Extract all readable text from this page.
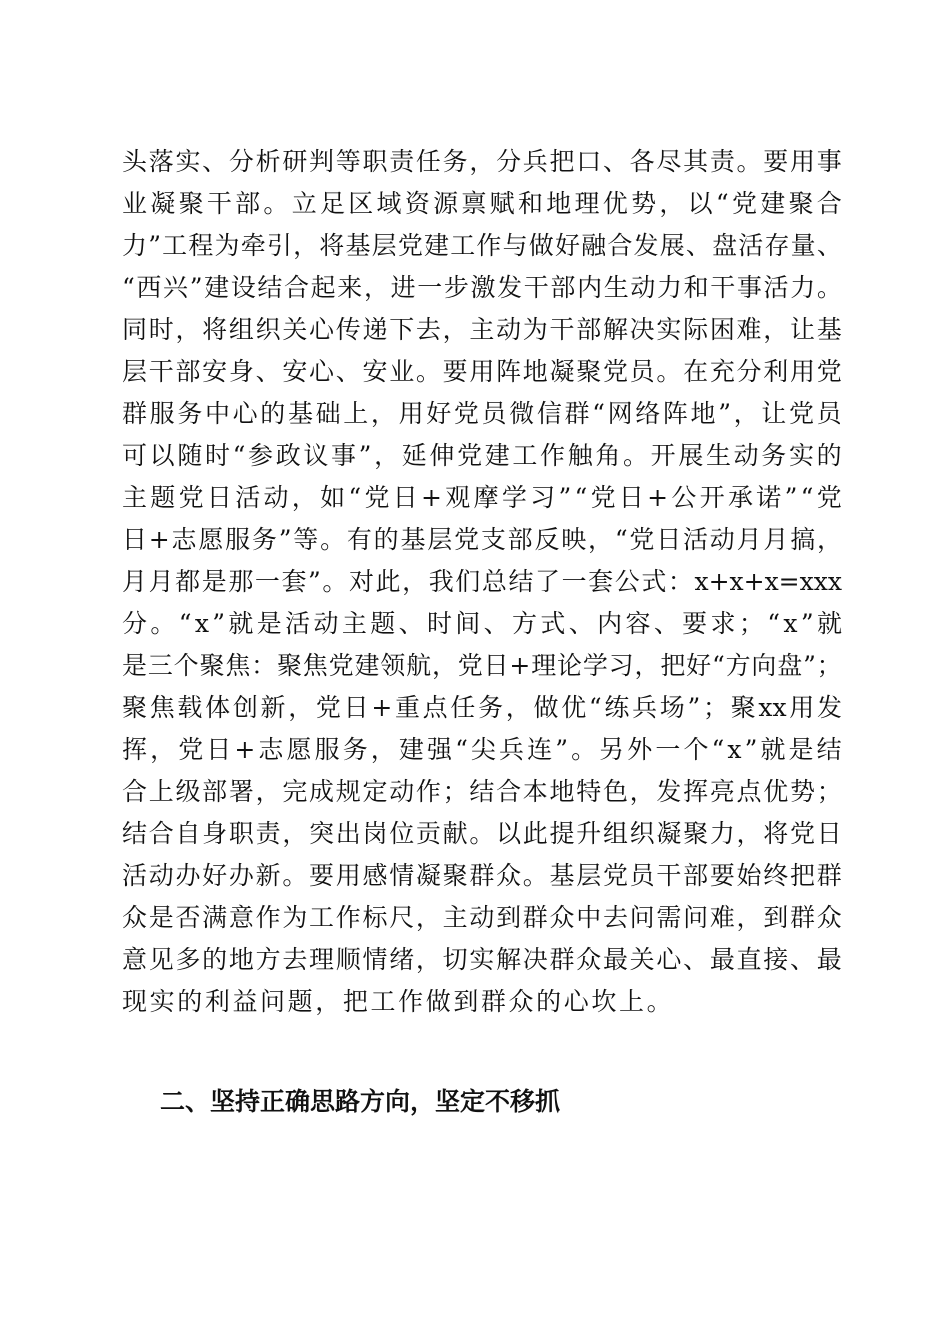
头 落 实 、 分 析 研 判 等 职 责 任 务 ， 分 兵 把 口 、 各 尽 其 责 。 要 用 事
业 凝 聚 干 部 。 立 足 区 域 资 源 禀 赋 和 地 理 优 势 ， 以 “ 党 建 聚 合
力 ” 工 程 为 牵 引 ， 将 基 层 党 建 工 作 与 做 好 融 合 发 展 、 盘 活 存 量 、
“ 西 兴 ” 建 设 结 合 起 来 ， 进 一 步 激 发 干 部 内 生 动 力 和 干 事 活 力 。
同 时 ， 将 组 织 关 心 传 递 下 去 ， 主 动 为 干 部 解 决 实 际 困 难 ， 让 基
层 干 部 安 身 、 安 心 、 安 业 。 要 用 阵 地 凝 聚 党 员 。 在 充 分 利 用 党
群 服 务 中 心 的 基 础 上 ， 用 好 党 员 微 信 群 “ 网 络 阵 地 ” ， 让 党 员
可 以 随 时 “ 参 政 议 事 ” ， 延 伸 党 建 工 作 触 角 。 开 展 生 动 务 实 的
主 题 党 日 活 动 ， 如 “ 党 日 + 观 摩 学 习 ” “ 党 日 + 公 开 承 诺 ” “ 党
日 + 志 愿 服 务 ” 等 。 有 的 基 层 党 支 部 反 映 ， “ 党 日 活 动 月 月 搞 ，
月 月 都 是 那 一 套 ” 。 对 此 ， 我 们 总 结 了 一 套 公 式 ： x+x+x=xxx
分 。 “ x ” 就 是 活 动 主 题 、 时 间 、 方 式 、 内 容 、 要 求 ； “ x ” 就
是 三 个 聚 焦 ： 聚 焦 党 建 领 航 ， 党 日 + 理 论 学 习 ， 把 好 “ 方 向 盘 ” ；
聚 焦 载 体 创 新 ， 党 日 + 重 点 任 务 ， 做 优 “ 练 兵 场 ” ； 聚 xx 用 发
挥 ， 党 日 + 志 愿 服 务 ， 建 强 “ 尖 兵 连 ” 。 另 外 一 个 “ x ” 就 是 结
合 上 级 部 署 ， 完 成 规 定 动 作 ； 结 合 本 地 特 色 ， 发 挥 亮 点 优 势 ；
结 合 自 身 职 责 ， 突 出 岗 位 贡 献 。 以 此 提 升 组 织 凝 聚 力 ， 将 党 日
活 动 办 好 办 新 。 要 用 感 情 凝 聚 群 众 。 基 层 党 员 干 部 要 始 终 把 群
众 是 否 满 意 作 为 工 作 标 尺 ， 主 动 到 群 众 中 去 问 需 问 难 ， 到 群 众
意 见 多 的 地 方 去 理 顺 情 绪 ， 切 实 解 决 群 众 最 关 心 、 最 直 接 、 最
现 实 的 利 益 问 题 ， 把 工 作 做 到 群 众 的 心 坎 上 。
二、坚持正确思路方向，坚定不移抓
